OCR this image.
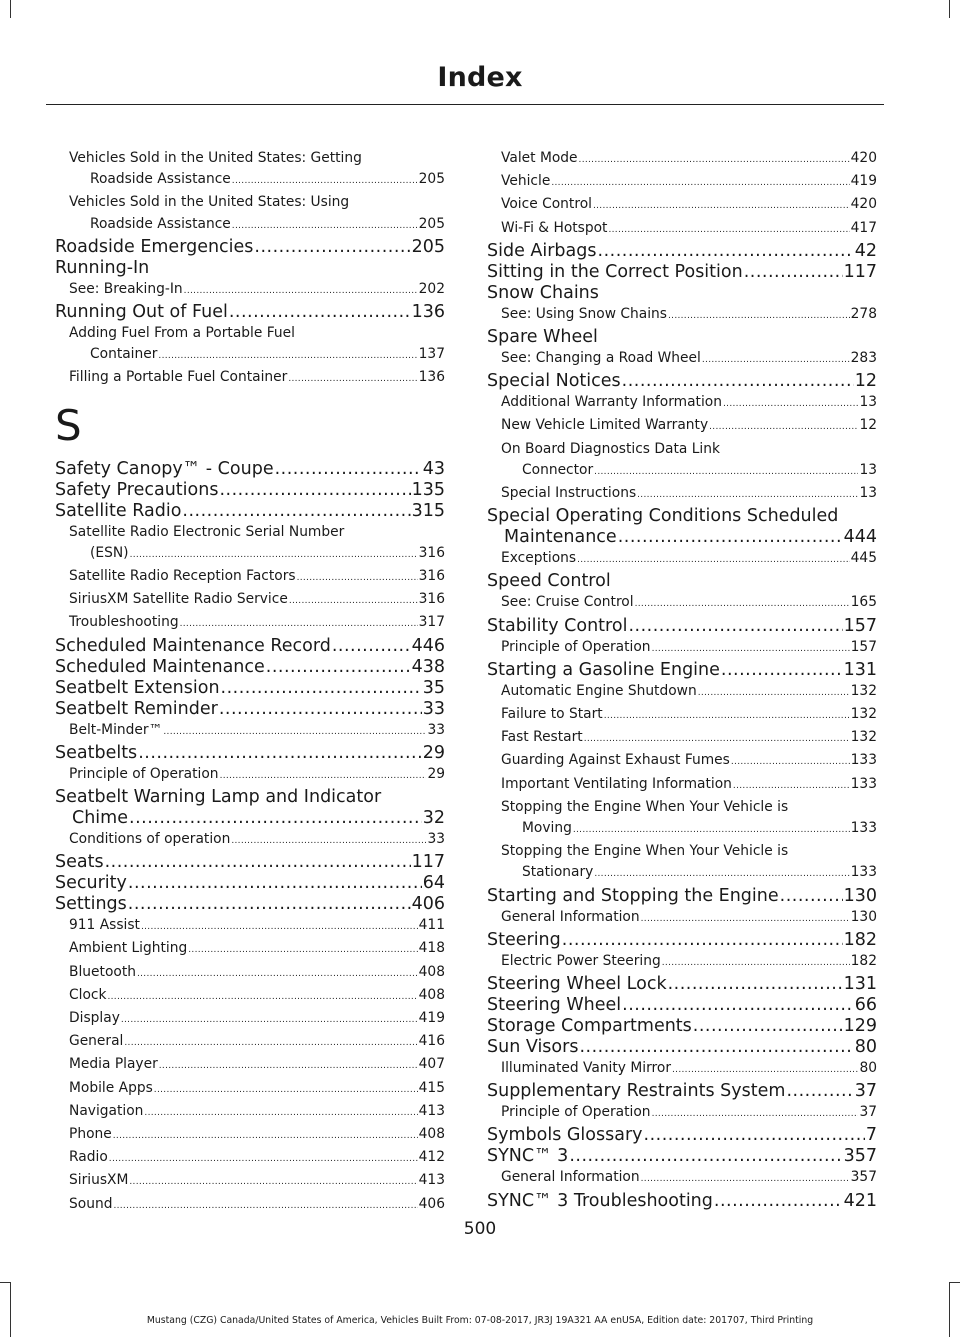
Index
Vehicles Sold in the United States: Getting
Roadside Assistance .....	205
Vehicles Sold in the United States: Using
Roadside Assistance .....	205
Roadside Emergencies .....	205
Running-In
See: Breaking-In .....	202
Running Out of Fuel .....	136
Adding Fuel From a Portable Fuel
Container .....	137
Filling a Portable Fuel Container .....	136
S
Safety Canopy™ - Coupe .....	43
Safety Precautions .....	135
Satellite Radio .....	315
Satellite Radio Electronic Serial Number
(ESN) .....	316
Satellite Radio Reception Factors .....	316
SiriusXM Satellite Radio Service .....	316
Troubleshooting .....	317
Scheduled Maintenance Record .....	446
Scheduled Maintenance .....	438
Seatbelt Extension .....	35
Seatbelt Reminder .....	33
Belt-Minder™ .....	33
Seatbelts .....	29
Principle of Operation .....	29
Seatbelt Warning Lamp and Indicator
Chime .....	32
Conditions of operation .....	33
Seats .....	117
Security .....	64
Settings .....	406
911 Assist .....	411
Ambient Lighting .....	418
Bluetooth .....	408
Clock .....	408
Display .....	419
General .....	416
Media Player .....	407
Mobile Apps .....	415
Navigation .....	413
Phone .....	408
Radio .....	412
SiriusXM .....	413
Sound .....	406
Valet Mode .....	420
Vehicle .....	419
Voice Control .....	420
Wi-Fi & Hotspot .....	417
Side Airbags .....	42
Sitting in the Correct Position .....	117
Snow Chains
See: Using Snow Chains .....	278
Spare Wheel
See: Changing a Road Wheel .....	283
Special Notices .....	12
Additional Warranty Information .....	13
New Vehicle Limited Warranty .....	12
On Board Diagnostics Data Link
Connector .....	13
Special Instructions .....	13
Special Operating Conditions Scheduled
Maintenance .....	444
Exceptions .....	445
Speed Control
See: Cruise Control .....	165
Stability Control .....	157
Principle of Operation .....	157
Starting a Gasoline Engine .....	131
Automatic Engine Shutdown .....	132
Failure to Start .....	132
Fast Restart .....	132
Guarding Against Exhaust Fumes .....	133
Important Ventilating Information .....	133
Stopping the Engine When Your Vehicle is
Moving .....	133
Stopping the Engine When Your Vehicle is
Stationary .....	133
Starting and Stopping the Engine .....	130
General Information .....	130
Steering .....	182
Electric Power Steering .....	182
Steering Wheel Lock .....	131
Steering Wheel .....	66
Storage Compartments .....	129
Sun Visors .....	80
Illuminated Vanity Mirror .....	80
Supplementary Restraints System .....	37
Principle of Operation .....	37
Symbols Glossary .....	7
SYNC™ 3 .....	357
General Information .....	357
SYNC™ 3 Troubleshooting .....	421
500
Mustang (CZG) Canada/United States of America, Vehicles Built From: 07-08-2017, JR3J 19A321 AA enUSA, Edition date: 201707, Third Printing
